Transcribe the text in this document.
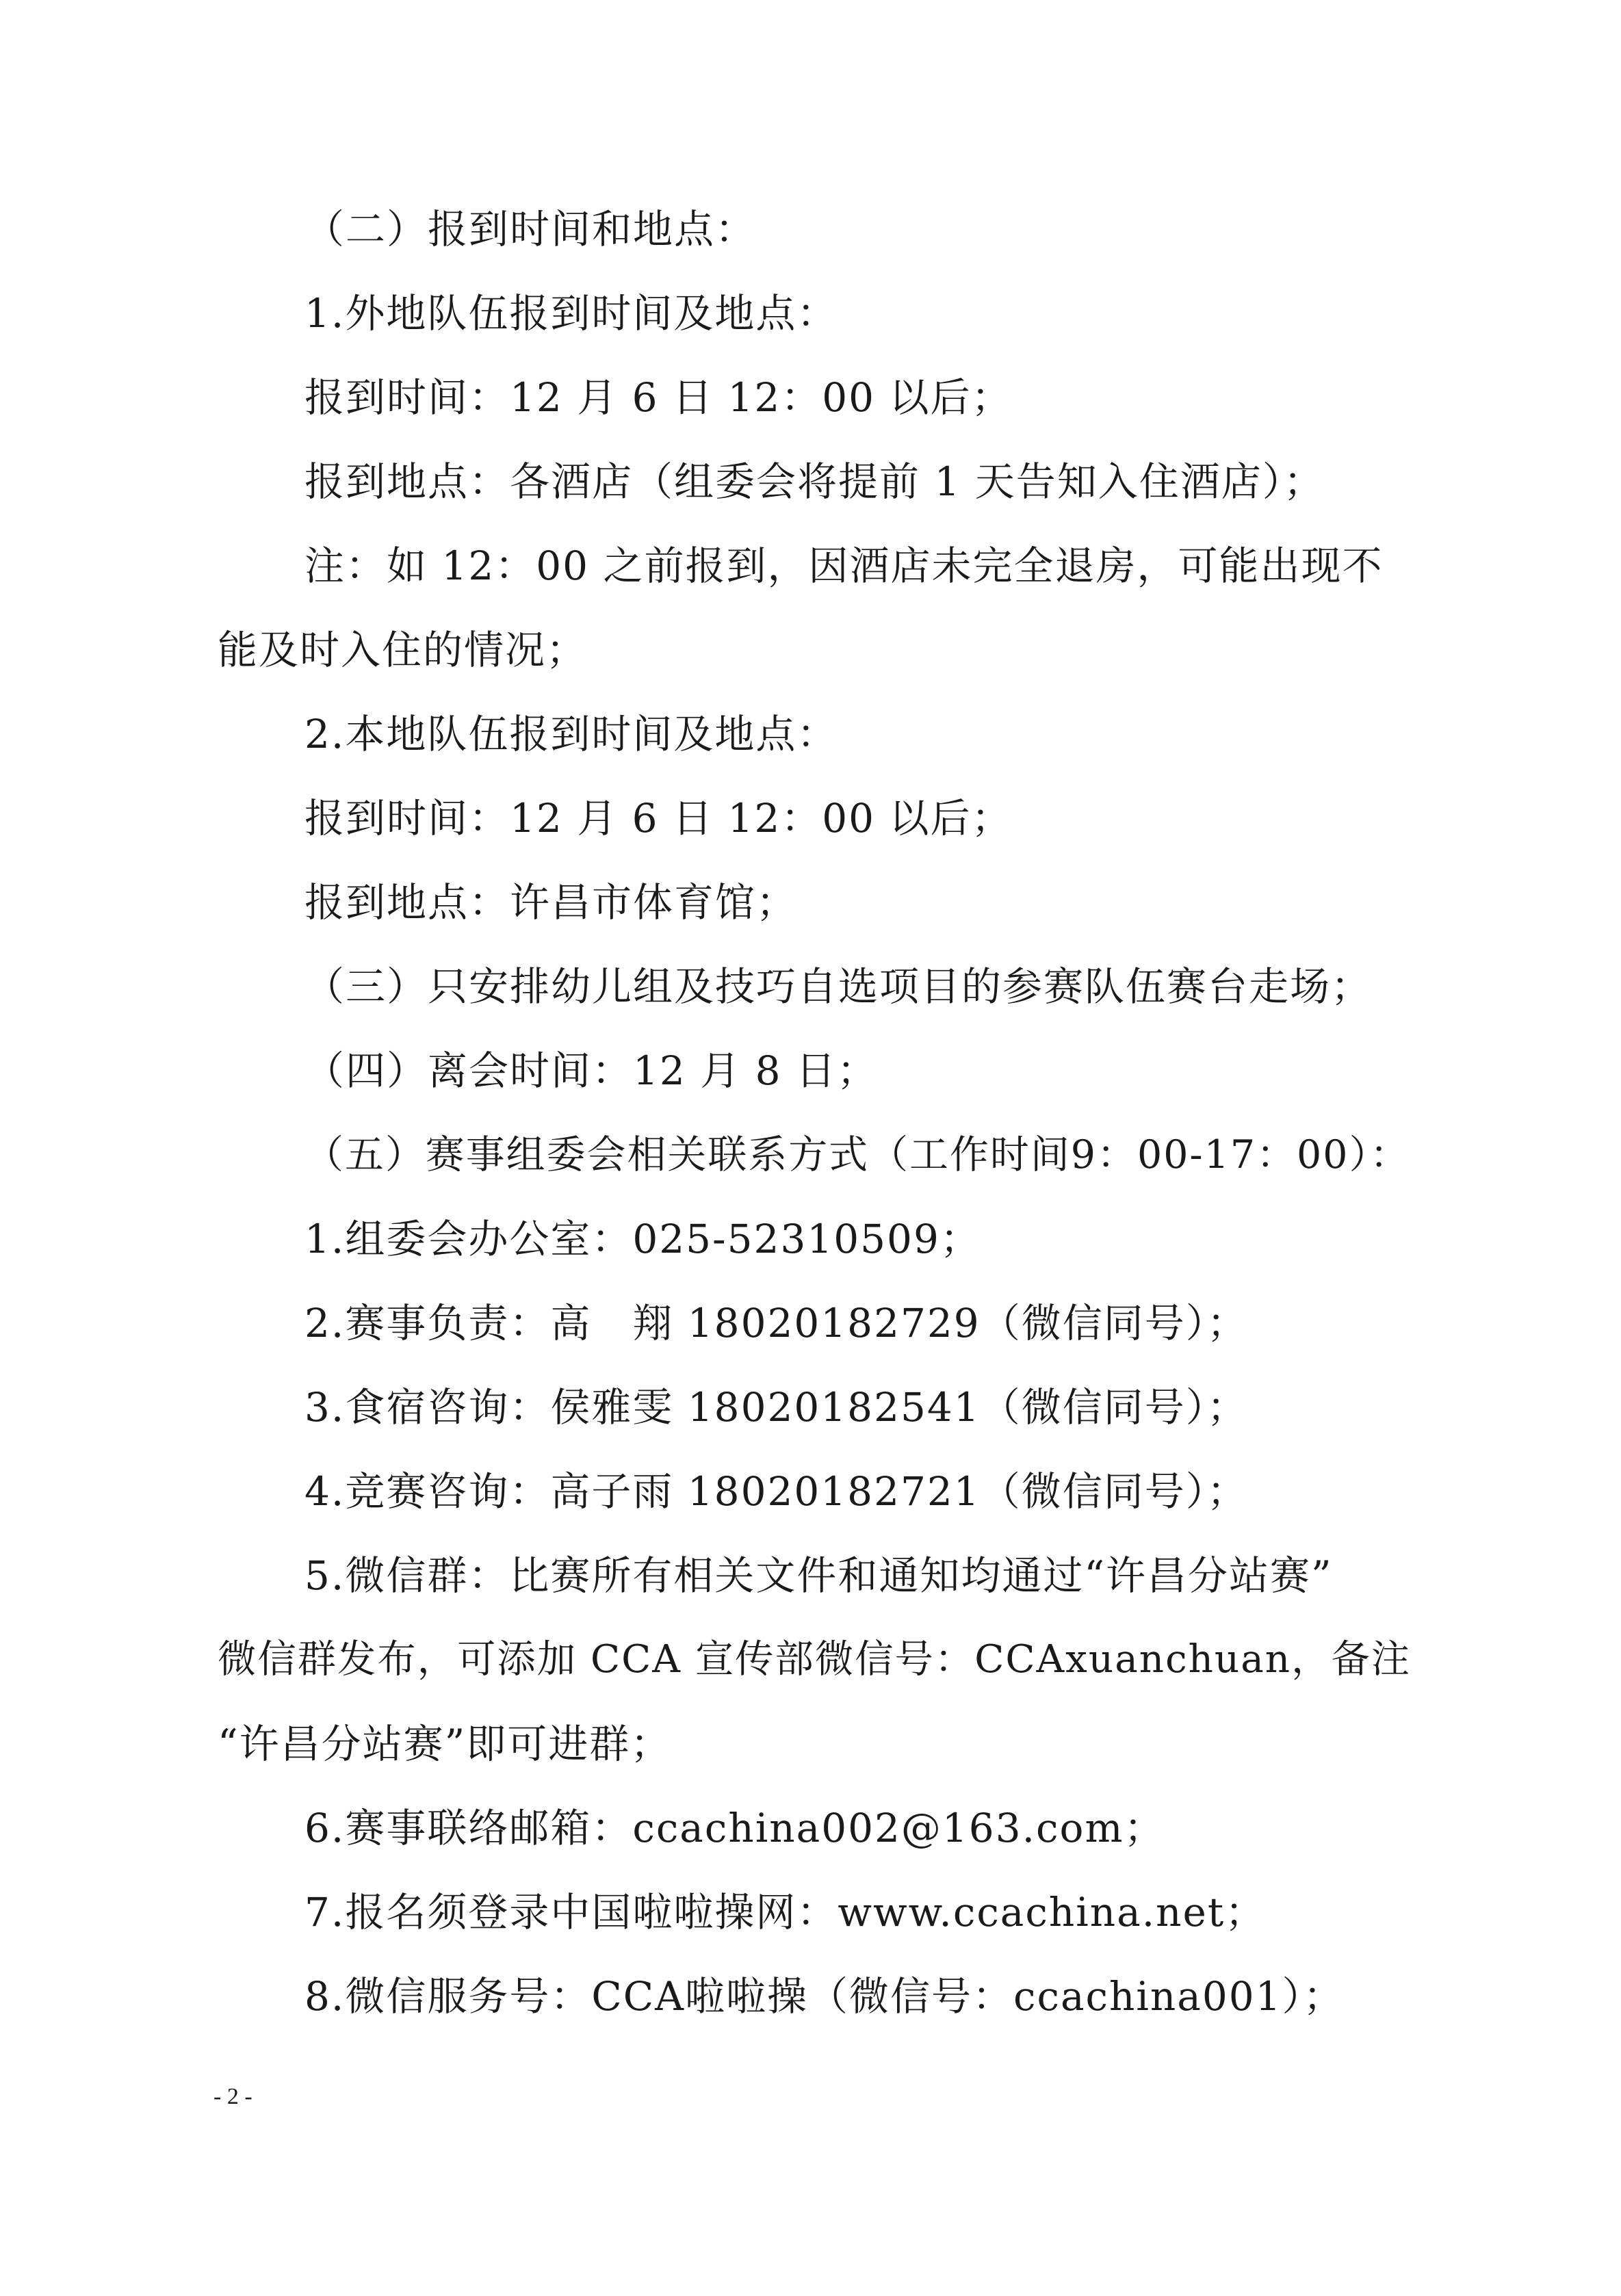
（二）报到时间和地点：
1.外地队伍报到时间及地点：
报到时间：12 月 6 日 12：00 以后；
报到地点：各酒店（组委会将提前 1 天告知入住酒店）；
注：如 12：00 之前报到，因酒店未完全退房，可能出现不
能及时入住的情况；
2.本地队伍报到时间及地点：
报到时间：12 月 6 日 12：00 以后；
报到地点：许昌市体育馆；
（三）只安排幼儿组及技巧自选项目的参赛队伍赛台走场；
（四）离会时间：12 月 8 日；
（五）赛事组委会相关联系方式（工作时间9：00-17：00）：
1.组委会办公室：025-52310509；
2.赛事负责：高　翔 18020182729（微信同号）；
3.食宿咨询：侯雅雯 18020182541（微信同号）；
4.竞赛咨询：高子雨 18020182721（微信同号）；
5.微信群：比赛所有相关文件和通知均通过“许昌分站赛”
微信群发布，可添加 CCA 宣传部微信号：CCAxuanchuan，备注
“许昌分站赛”即可进群；
6.赛事联络邮箱：ccachina002@163.com；
7.报名须登录中国啦啦操网：www.ccachina.net；
8.微信服务号：CCA啦啦操（微信号：ccachina001）；
- 2 -
